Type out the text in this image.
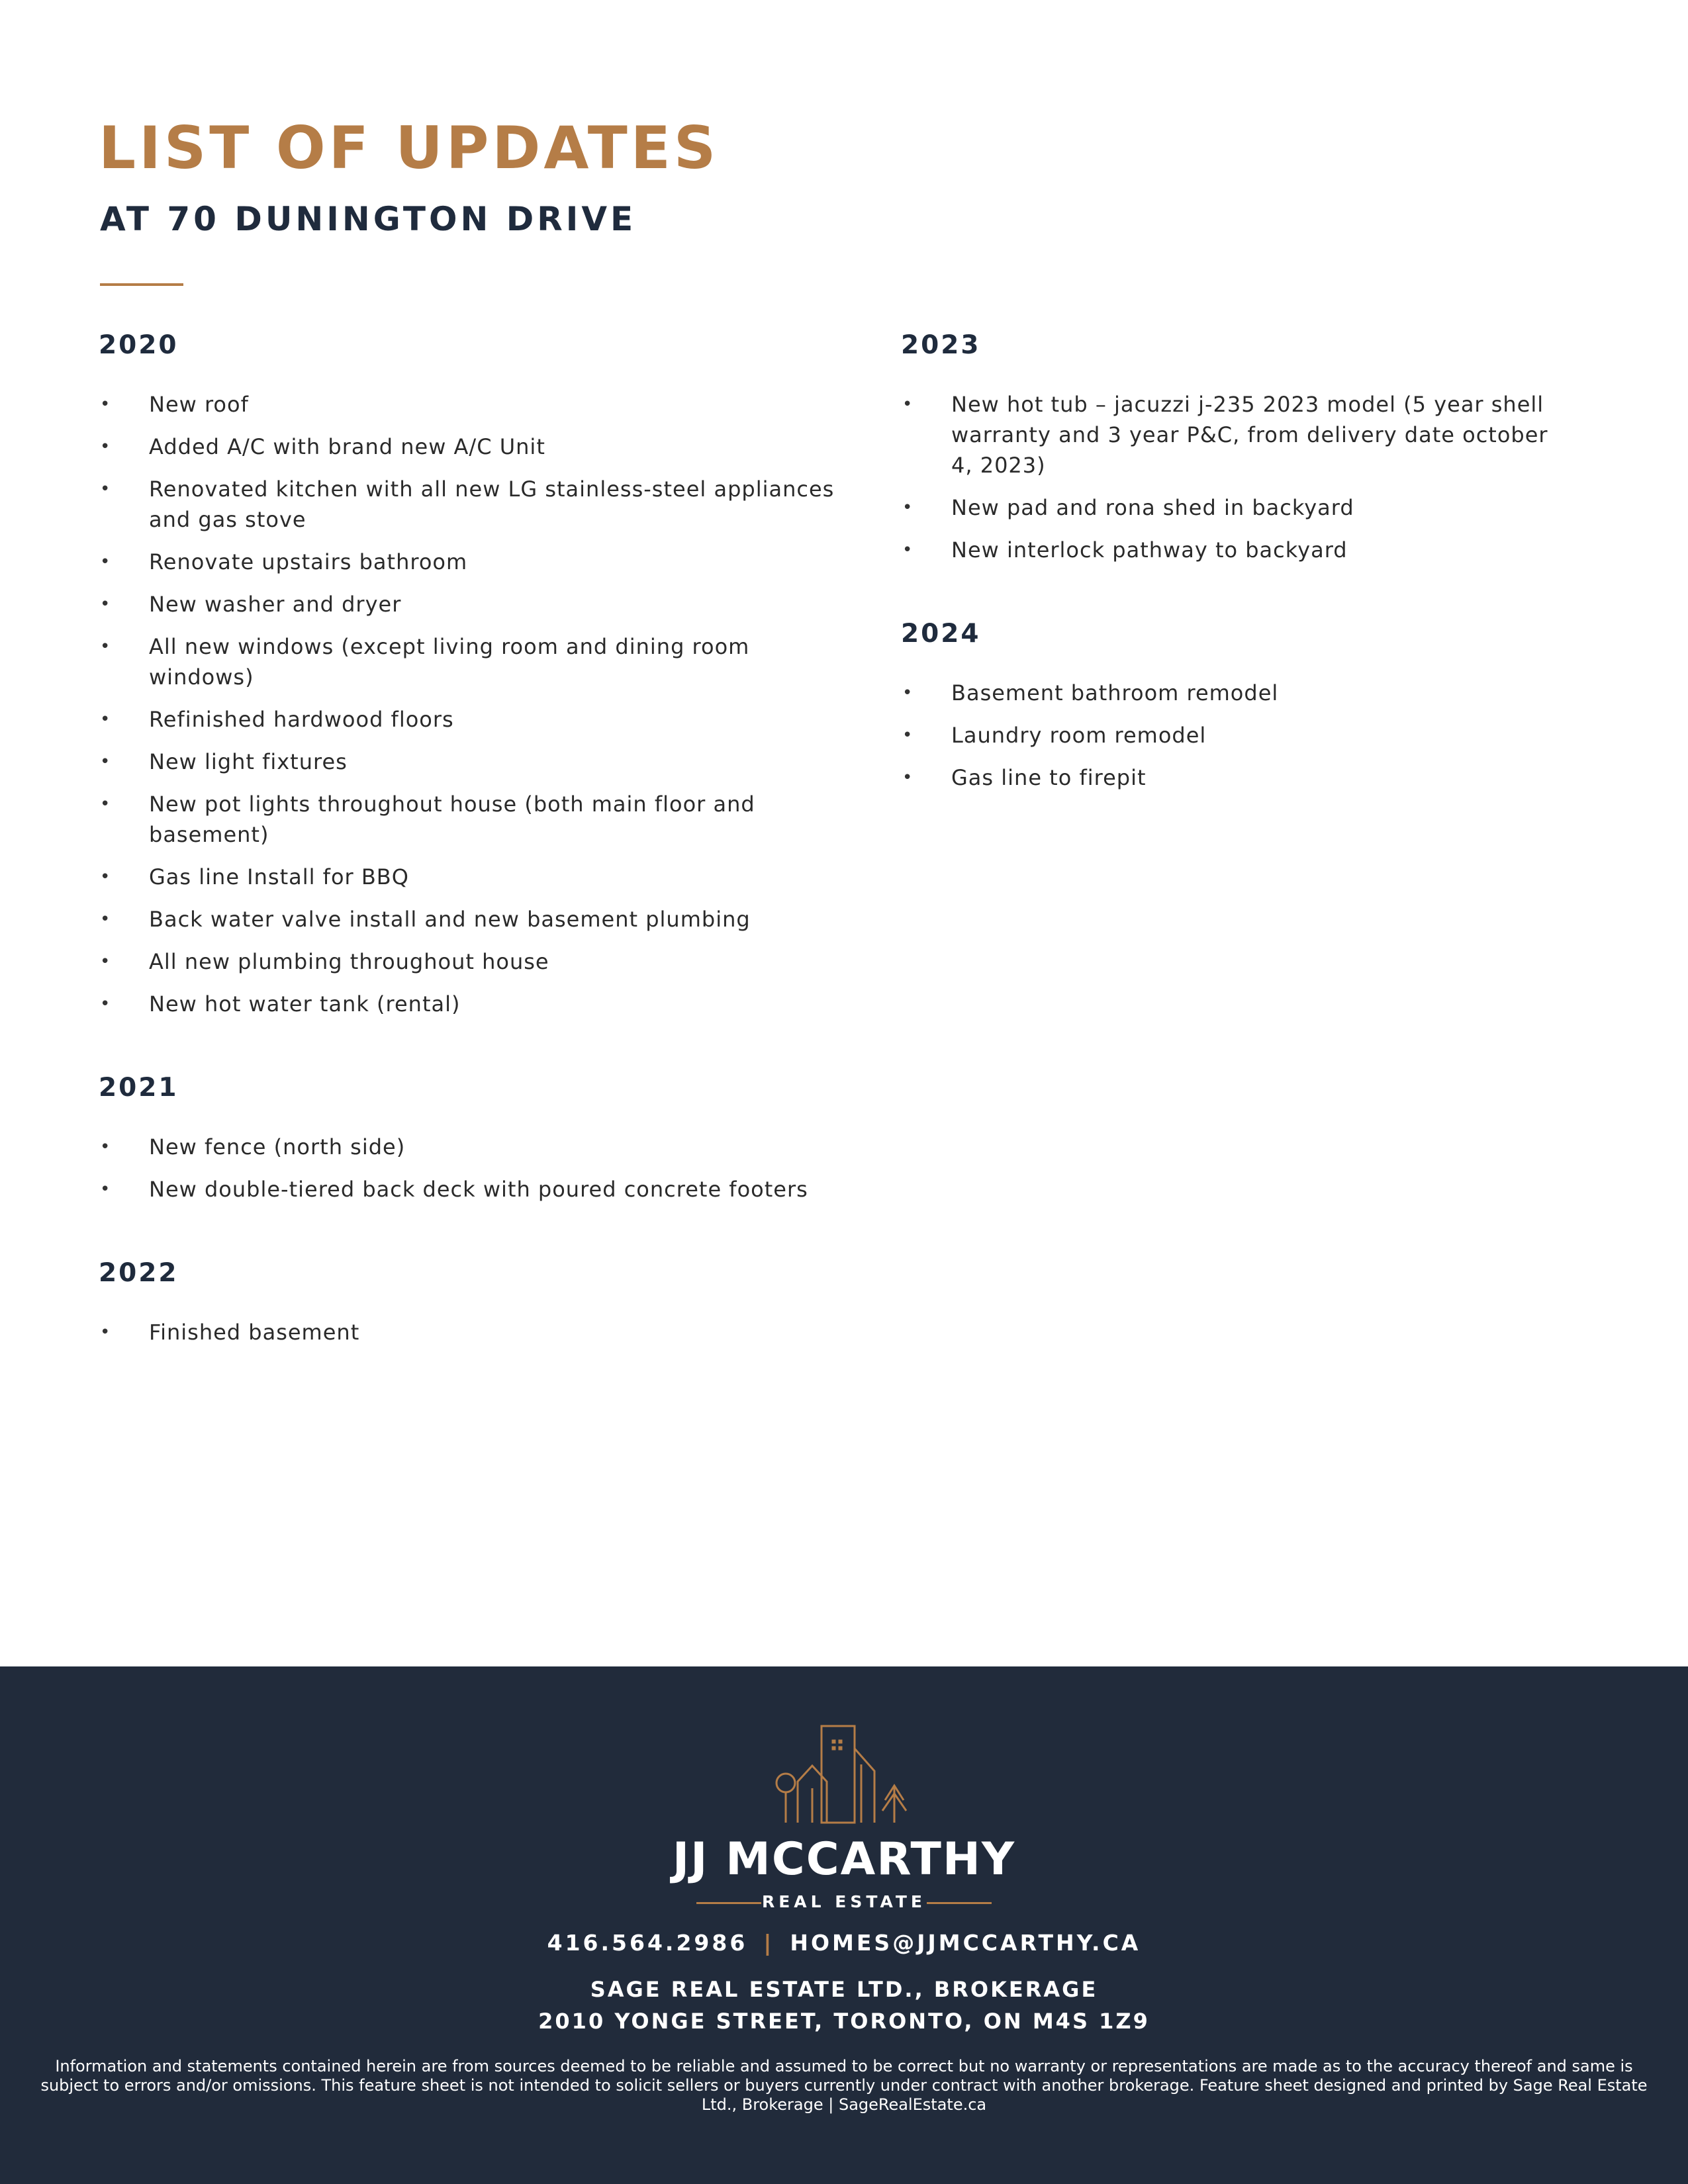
LIST OF UPDATES
AT 70 DUNINGTON DRIVE
2020
• New roof
• Added A/C with brand new A/C Unit
• Renovated kitchen with all new LG stainless-steel appliances and gas stove
• Renovate upstairs bathroom
• New washer and dryer
• All new windows (except living room and dining room windows)
• Refinished hardwood floors
• New light fixtures
• New pot lights throughout house (both main floor and basement)
• Gas line Install for BBQ
• Back water valve install and new basement plumbing
• All new plumbing throughout house
• New hot water tank (rental)
2021
• New fence (north side)
• New double-tiered back deck with poured concrete footers
2022
• Finished basement
2023
• New hot tub – jacuzzi j-235 2023 model (5 year shell warranty and 3 year P&C, from delivery date october 4, 2023)
• New pad and rona shed in backyard
• New interlock pathway to backyard
2024
• Basement bathroom remodel
• Laundry room remodel
• Gas line to firepit
JJ MCCARTHY
REAL ESTATE
416.564.2986 | HOMES@JJMCCARTHY.CA
SAGE REAL ESTATE LTD., BROKERAGE
2010 YONGE STREET, TORONTO, ON M4S 1Z9
Information and statements contained herein are from sources deemed to be reliable and assumed to be correct but no warranty or representations are made as to the accuracy thereof and same is subject to errors and/or omissions. This feature sheet is not intended to solicit sellers or buyers currently under contract with another brokerage. Feature sheet designed and printed by Sage Real Estate Ltd., Brokerage | SageRealEstate.ca
